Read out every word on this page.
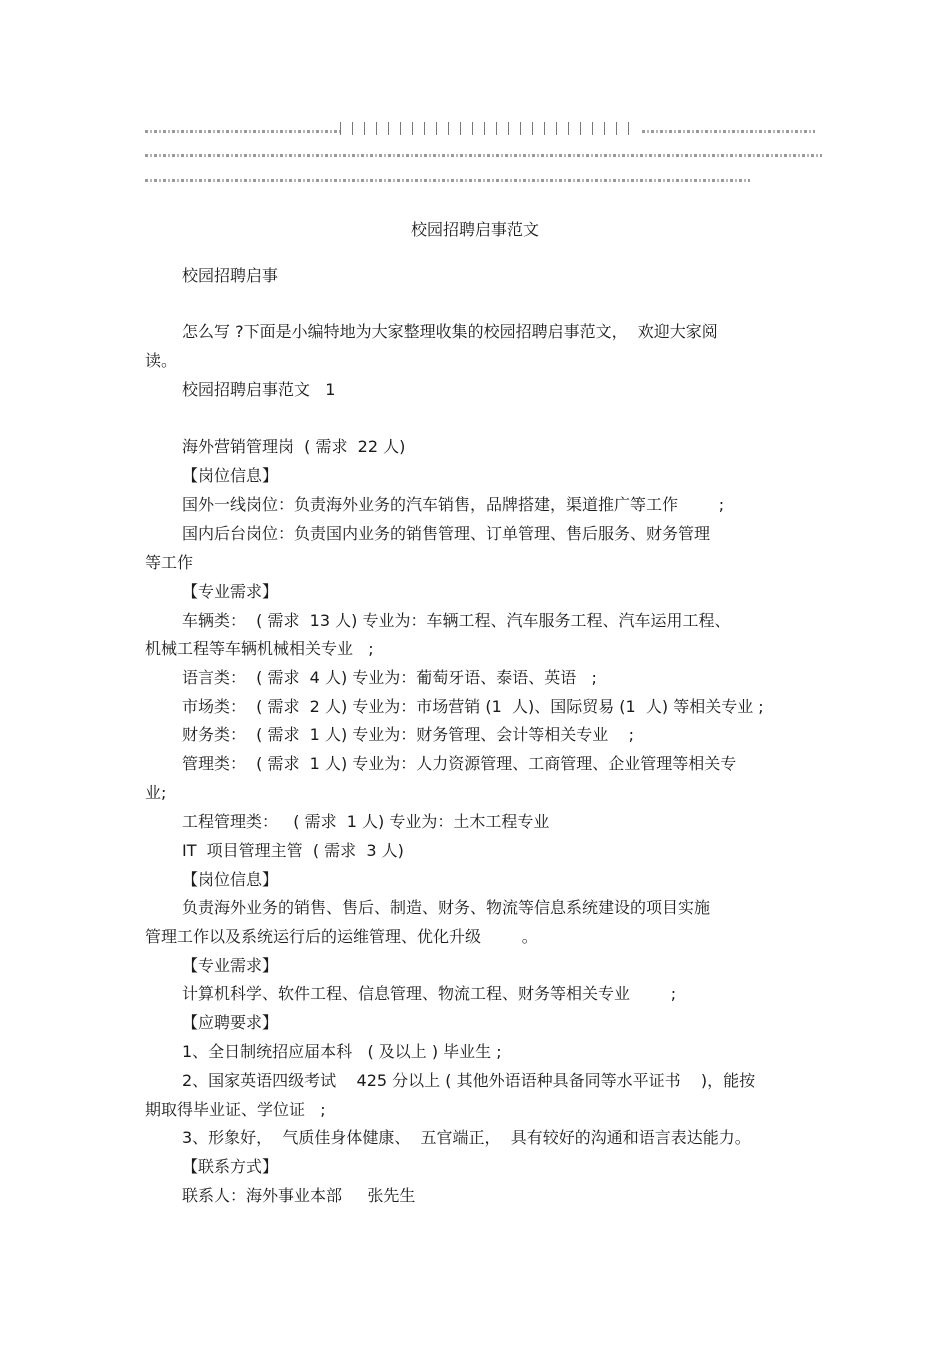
校园招聘启事范文
校园招聘启事
怎么写 ?下面是小编特地为大家整理收集的校园招聘启事范文，  欢迎大家阅
读。
校园招聘启事范文   1
海外营销管理岗  ( 需求  22 人)
【岗位信息】
国外一线岗位：负责海外业务的汽车销售，品牌搭建，渠道推广等工作        ;
国内后台岗位：负责国内业务的销售管理、订单管理、售后服务、财务管理
等工作
【专业需求】
车辆类：  ( 需求  13 人) 专业为：车辆工程、汽车服务工程、汽车运用工程、
机械工程等车辆机械相关专业   ;
语言类：  ( 需求  4 人) 专业为：葡萄牙语、泰语、英语   ;
市场类：  ( 需求  2 人) 专业为：市场营销 (1  人)、国际贸易 (1  人) 等相关专业 ;
财务类：  ( 需求  1 人) 专业为：财务管理、会计等相关专业    ;
管理类：  ( 需求  1 人) 专业为：人力资源管理、工商管理、企业管理等相关专
业;
工程管理类：   ( 需求  1 人) 专业为：土木工程专业
IT  项目管理主管  ( 需求  3 人)
【岗位信息】
负责海外业务的销售、售后、制造、财务、物流等信息系统建设的项目实施
管理工作以及系统运行后的运维管理、优化升级        。
【专业需求】
计算机科学、软件工程、信息管理、物流工程、财务等相关专业        ;
【应聘要求】
1、全日制统招应届本科   ( 及以上 ) 毕业生 ;
2、国家英语四级考试    425 分以上 ( 其他外语语种具备同等水平证书    )，能按
期取得毕业证、学位证   ;
3、形象好，  气质佳身体健康、  五官端正，  具有较好的沟通和语言表达能力。
【联系方式】
联系人：海外事业本部     张先生
